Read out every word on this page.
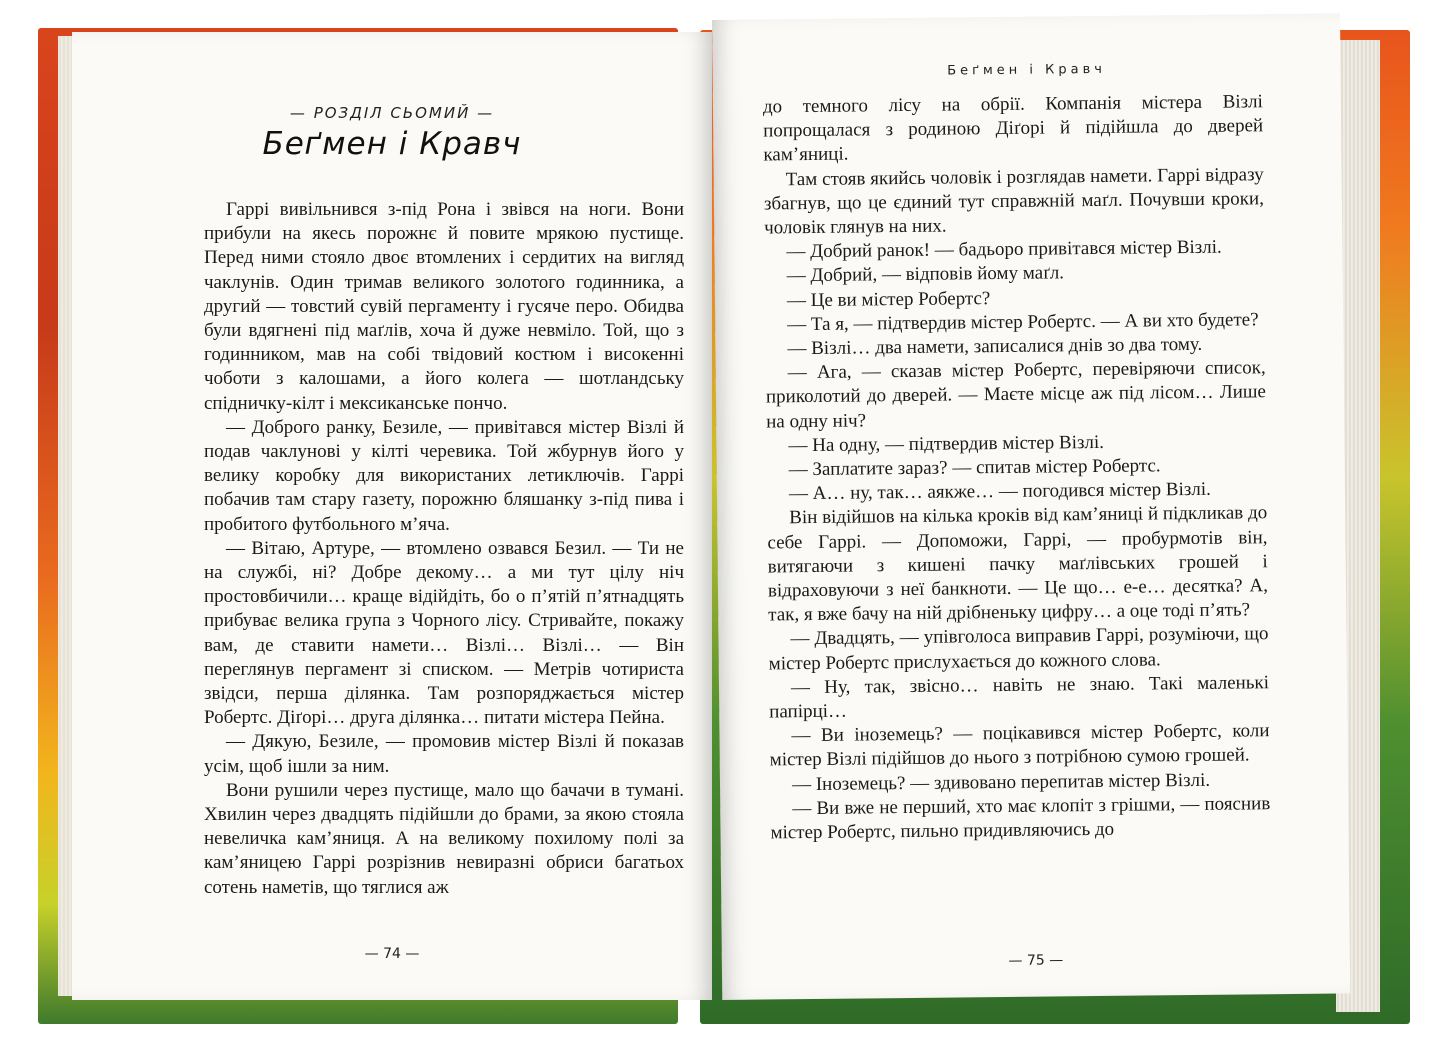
— РОЗДІЛ СЬОМИЙ —
Беґмен і Кравч

Гаррі вивільнився з-під Рона і звівся на ноги. Вони прибули на якесь порожнє й повите мрякою пустище. Перед ними стояло двоє втомлених і сердитих на вигляд чаклунів. Один тримав великого золотого годинника, а другий — товстий сувій пергаменту і гусяче перо. Обидва були вдягнені під маґлів, хоча й дуже невміло. Той, що з годинником, мав на собі твідовий костюм і високенні чоботи з калошами, а його колега — шотландську спідничку-кілт і мексиканське пончо.

— Доброго ранку, Безиле, — привітався містер Візлі й подав чаклунові у кілті черевика. Той жбурнув його у велику коробку для використаних летиключів. Гаррі побачив там стару газету, порожню бляшанку з-під пива і пробитого футбольного м’яча.

— Вітаю, Артуре, — втомлено озвався Безил. — Ти не на службі, ні? Добре декому… а ми тут цілу ніч простовбичили… краще відійдіть, бо о п’ятій п’ятнадцять прибуває велика група з Чорного лісу. Стривайте, покажу вам, де ставити намети… Візлі… Візлі… — Він переглянув пергамент зі списком. — Метрів чотириста звідси, перша ділянка. Там розпоряджається містер Робертс. Діґорі… друга ділянка… питати містера Пейна.

— Дякую, Безиле, — промовив містер Візлі й показав усім, щоб ішли за ним.

Вони рушили через пустище, мало що бачачи в тумані. Хвилин через двадцять підійшли до брами, за якою стояла невеличка кам’яниця. А на великому похилому полі за кам’яницею Гаррі розрізнив невиразні обриси багатьох сотень наметів, що тяглися аж

— 74 —
Беґмен і Кравч

до темного лісу на обрії. Компанія містера Візлі попрощалася з родиною Діґорі й підійшла до дверей кам’яниці.

Там стояв якийсь чоловік і розглядав намети. Гаррі відразу збагнув, що це єдиний тут справжній маґл. Почувши кроки, чоловік глянув на них.

— Добрий ранок! — бадьоро привітався містер Візлі.

— Добрий, — відповів йому маґл.

— Це ви містер Робертс?

— Та я, — підтвердив містер Робертс. — А ви хто будете?

— Візлі… два намети, записалися днів зо два тому.

— Ага, — сказав містер Робертс, перевіряючи список, приколотий до дверей. — Маєте місце аж під лісом… Лише на одну ніч?

— На одну, — підтвердив містер Візлі.

— Заплатите зараз? — спитав містер Робертс.

— А… ну, так… аякже… — погодився містер Візлі.

Він відійшов на кілька кроків від кам’яниці й підкликав до себе Гаррі. — Допоможи, Гаррі, — пробурмотів він, витягаючи з кишені пачку маґлівських грошей і відраховуючи з неї банкноти. — Це що… е-е… десятка? А, так, я вже бачу на ній дрібненьку цифру… а оце тоді п’ять?

— Двадцять, — упівголоса виправив Гаррі, розуміючи, що містер Робертс прислухається до кожного слова.

— Ну, так, звісно… навіть не знаю. Такі маленькі папірці…

— Ви іноземець? — поцікавився містер Робертс, коли містер Візлі підійшов до нього з потрібною сумою грошей.

— Іноземець? — здивовано перепитав містер Візлі.

— Ви вже не перший, хто має клопіт з грішми, — пояснив містер Робертс, пильно придивляючись до

— 75 —
